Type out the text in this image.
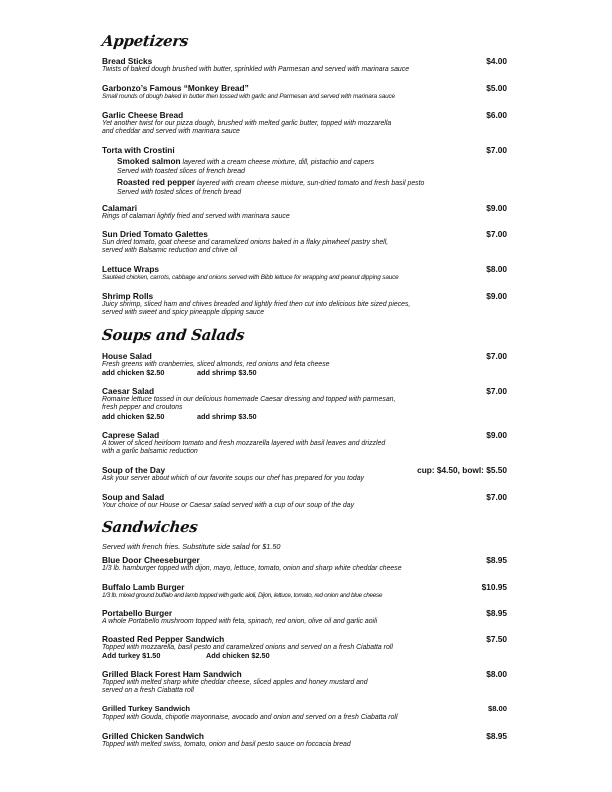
Appetizers
Bread Sticks	$4.00
Twists of baked dough brushed with butter, sprinkled with Parmesan and served with marinara sauce
Garbonzo’s Famous “Monkey Bread”	$5.00
Small rounds of dough baked in butter then tossed with garlic and Parmesan and served with marinara sauce
Garlic Cheese Bread	$6.00
Yet another twist for our pizza dough, brushed with melted garlic butter, topped with mozzarella
and cheddar and served with marinara sauce
Torta with Crostini	$7.00
Smoked salmon layered with a cream cheese mixture, dill, pistachio and capers
Served with toasted slices of french bread
Roasted red pepper layered with cream cheese mixture, sun-dried tomato and fresh basil pesto
Served with tosted slices of french bread
Calamari	$9.00
Rings of calamari lightly fried and served with marinara sauce
Sun Dried Tomato Galettes	$7.00
Sun dried tomato, goat cheese and caramelized onions baked in a flaky pinwheel pastry shell,
served with Balsamic reduction and chive oil
Lettuce Wraps	$8.00
Sautéed chicken, carrots, cabbage and onions served with Bibb lettuce for wrapping and peanut dipping sauce
Shrimp Rolls	$9.00
Juicy shrimp, sliced ham and chives breaded and lightly fried then cut into delicious bite sized pieces,
served with sweet and spicy pineapple dipping sauce
Soups and Salads
House Salad	$7.00
Fresh greens with cranberries, sliced almonds, red onions and feta cheese
add chicken $2.50	add shrimp $3.50
Caesar Salad	$7.00
Romaine lettuce tossed in our delicious homemade Caesar dressing and topped with parmesan,
fresh pepper and croutons
add chicken $2.50	add shrimp $3.50
Caprese Salad	$9.00
A tower of sliced heirloom tomato and fresh mozzarella layered with basil leaves and drizzled
with a garlic balsamic reduction
Soup of the Day	cup: $4.50, bowl: $5.50
Ask your server about which of our favorite soups our chef has prepared for you today
Soup and Salad	$7.00
Your choice of our House or Caesar salad served with a cup of our soup of the day
Sandwiches
Served with french fries. Substitute side salad for $1.50
Blue Door Cheeseburger	$8.95
1/3 lb. hamburger topped with dijon, mayo, lettuce, tomato, onion and sharp white cheddar cheese
Buffalo Lamb Burger	$10.95
1/3 lb. mixed ground buffalo and lamb topped with garlic aioli, Dijon, lettuce, tomato, red onion and blue cheese
Portabello Burger	$8.95
A whole Portabello mushroom topped with feta, spinach, red onion, olive oil and garlic aoili
Roasted Red Pepper Sandwich	$7.50
Topped with mozzarella, basil pesto and caramelized onions and served on a fresh Ciabatta roll
Add turkey $1.50	Add chicken $2.50
Grilled Black Forest Ham Sandwich	$8.00
Topped with melted sharp white cheddar cheese, sliced apples and honey mustard and
served on a fresh Ciabatta roll
Grilled Turkey Sandwich	$8.00
Topped with Gouda, chipotle mayonnaise, avocado and onion and served on a fresh Ciabatta roll
Grilled Chicken Sandwich	$8.95
Topped with melted swiss, tomato, onion and basil pesto sauce on foccacia bread
